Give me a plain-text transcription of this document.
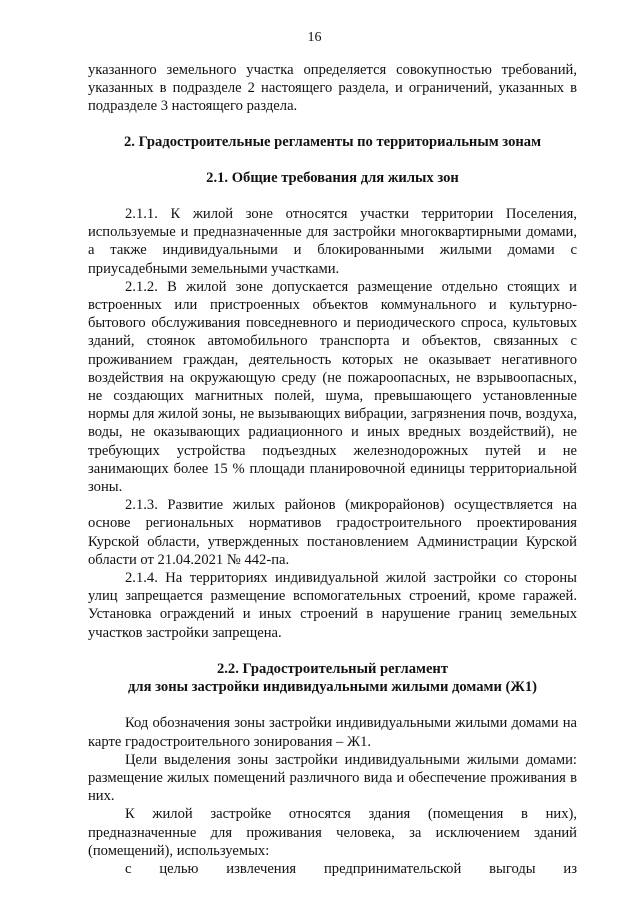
16

указанного земельного участка определяется совокупностью требований, указанных в подразделе 2 настоящего раздела, и ограничений, указанных в подразделе 3 настоящего раздела.

2. Градостроительные регламенты по территориальным зонам
2.1. Общие требования для жилых зон

2.1.1. К жилой зоне относятся участки территории Поселения, используемые и предназначенные для застройки многоквартирными домами, а также индивидуальными и блокированными жилыми домами с приусадебными земельными участками.

2.1.2. В жилой зоне допускается размещение отдельно стоящих и встроенных или пристроенных объектов коммунального и культурно-бытового обслуживания повседневного и периодического спроса, культовых зданий, стоянок автомобильного транспорта и объектов, связанных с проживанием граждан, деятельность которых не оказывает негативного воздействия на окружающую среду (не пожароопасных, не взрывоопасных, не создающих магнитных полей, шума, превышающего установленные нормы для жилой зоны, не вызывающих вибрации, загрязнения почв, воздуха, воды, не оказывающих радиационного и иных вредных воздействий), не требующих устройства подъездных железнодорожных путей и не занимающих более 15 % площади планировочной единицы территориальной зоны.

2.1.3. Развитие жилых районов (микрорайонов) осуществляется на основе региональных нормативов градостроительного проектирования Курской области, утвержденных постановлением Администрации Курской области от 21.04.2021 № 442-па.

2.1.4. На территориях индивидуальной жилой застройки со стороны улиц запрещается размещение вспомогательных строений, кроме гаражей. Установка ограждений и иных строений в нарушение границ земельных участков застройки запрещена.

2.2. Градостроительный регламент
для зоны застройки индивидуальными жилыми домами (Ж1)

Код обозначения зоны застройки индивидуальными жилыми домами на карте градостроительного зонирования – Ж1.

Цели выделения зоны застройки индивидуальными жилыми домами: размещение жилых помещений различного вида и обеспечение проживания в них.

К жилой застройке относятся здания (помещения в них), предназначенные для проживания человека, за исключением зданий (помещений), используемых:

с целью извлечения предпринимательской выгоды из
